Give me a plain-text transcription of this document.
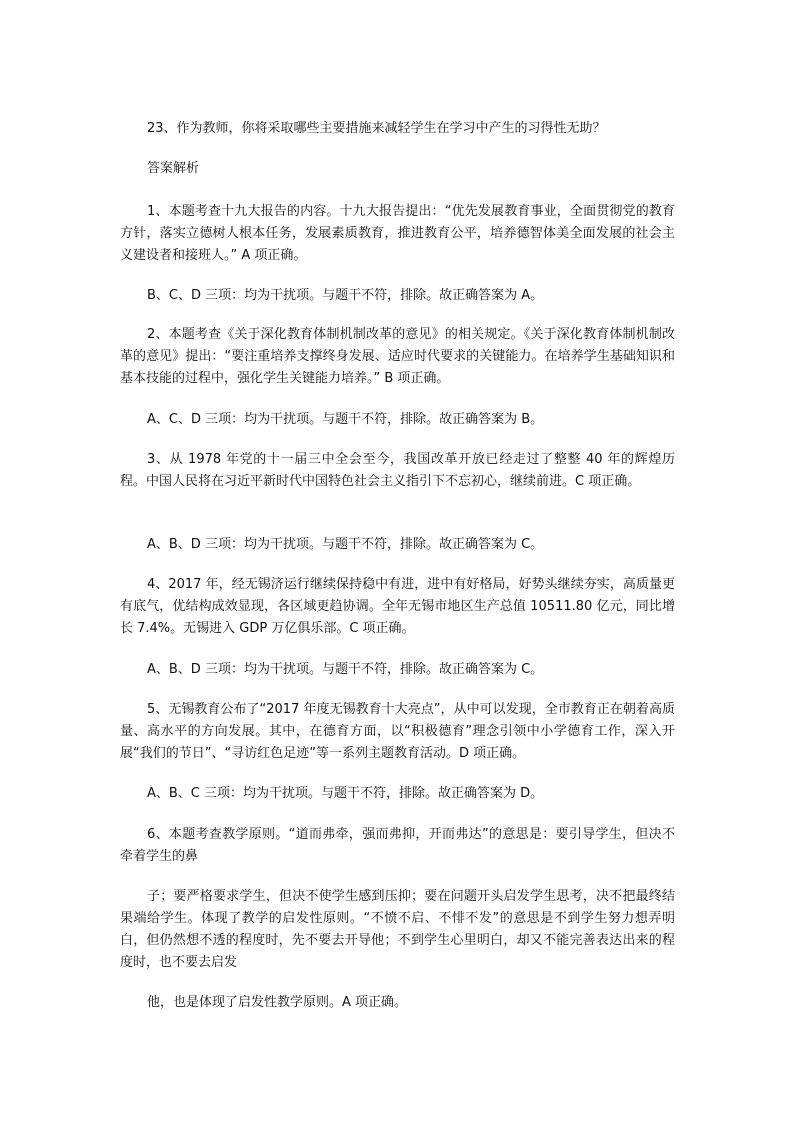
23、作为教师，你将采取哪些主要措施来减轻学生在学习中产生的习得性无助？

答案解析

1、本题考查十九大报告的内容。十九大报告提出：“优先发展教育事业，全面贯彻党的教育方针，落实立德树人根本任务，发展素质教育，推进教育公平，培养德智体美全面发展的社会主义建设者和接班人。” A 项正确。

B、C、D 三项：均为干扰项。与题干不符，排除。故正确答案为 A。

2、本题考查《关于深化教育体制机制改革的意见》的相关规定。《关于深化教育体制机制改革的意见》提出：“要注重培养支撑终身发展、适应时代要求的关键能力。在培养学生基础知识和基本技能的过程中，强化学生关键能力培养。” B 项正确。

A、C、D 三项：均为干扰项。与题干不符，排除。故正确答案为 B。

3、从 1978 年党的十一届三中全会至今，我国改革开放已经走过了整整 40 年的辉煌历程。中国人民将在习近平新时代中国特色社会主义指引下不忘初心，继续前进。C 项正确。

A、B、D 三项：均为干扰项。与题干不符，排除。故正确答案为 C。

4、2017 年，经无锡济运行继续保持稳中有进，进中有好格局，好势头继续夯实，高质量更有底气，优结构成效显现，各区域更趋协调。全年无锡市地区生产总值 10511.80 亿元，同比增长 7.4%。无锡进入 GDP 万亿俱乐部。C 项正确。

A、B、D 三项：均为干扰项。与题干不符，排除。故正确答案为 C。

5、无锡教育公布了“2017 年度无锡教育十大亮点”，从中可以发现，全市教育正在朝着高质量、高水平的方向发展。其中，在德育方面，以“积极德育”理念引领中小学德育工作，深入开展“我们的节日”、“寻访红色足迹”等一系列主题教育活动。D 项正确。

A、B、C 三项：均为干扰项。与题干不符，排除。故正确答案为 D。

6、本题考查教学原则。“道而弗牵，强而弗抑，开而弗达”的意思是：要引导学生，但决不牵着学生的鼻

子；要严格要求学生，但决不使学生感到压抑；要在问题开头启发学生思考，决不把最终结果端给学生。体现了教学的启发性原则。“不愤不启、不悱不发”的意思是不到学生努力想弄明白，但仍然想不透的程度时，先不要去开导他；不到学生心里明白，却又不能完善表达出来的程度时，也不要去启发

他，也是体现了启发性教学原则。A 项正确。
